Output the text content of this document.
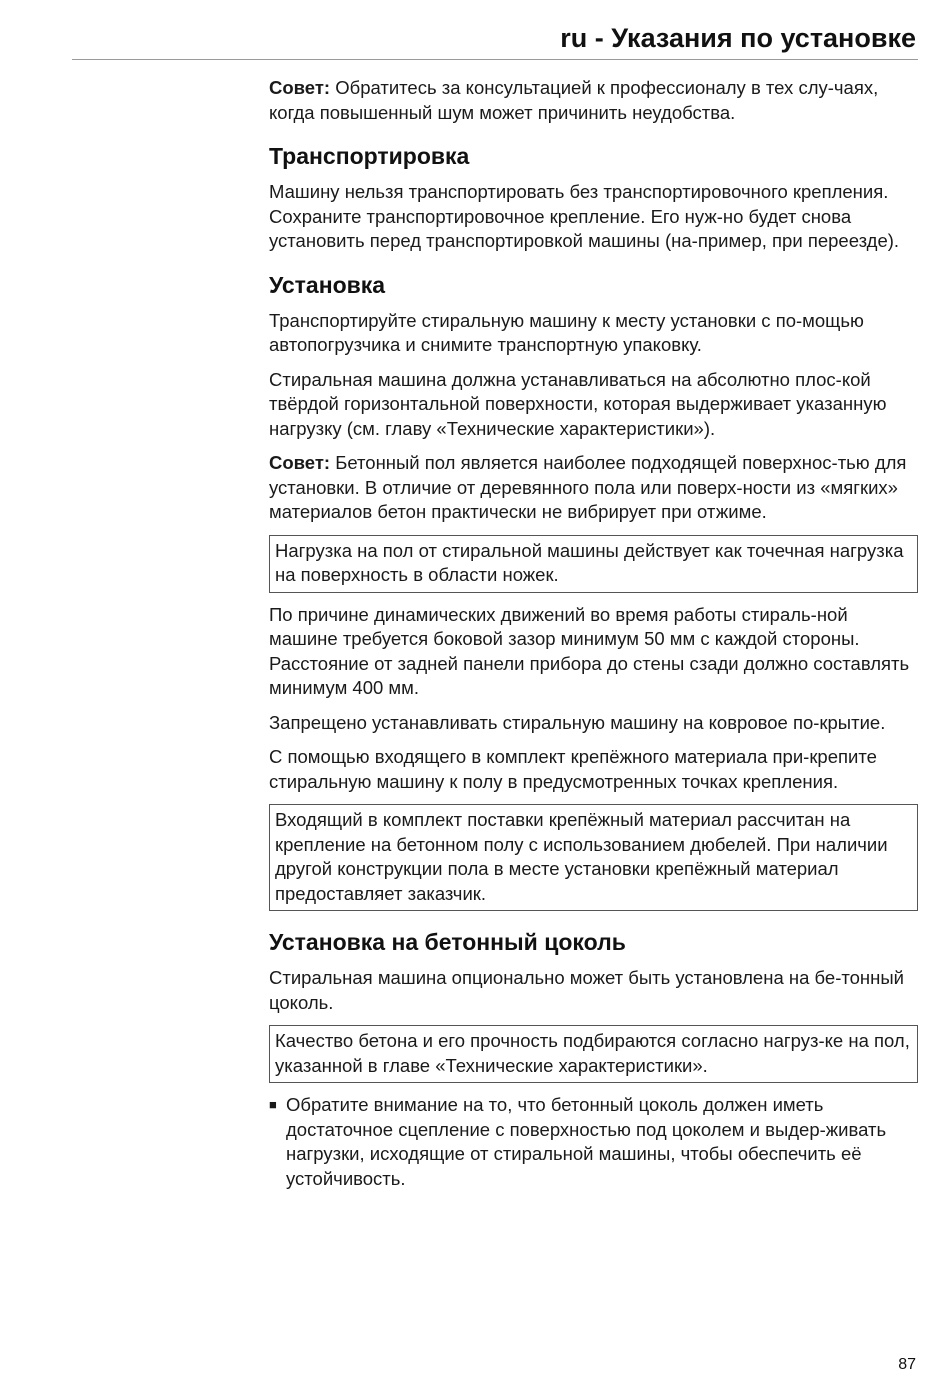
ru - Указания по установке

Совет: Обратитесь за консультацией к профессионалу в тех слу-чаях, когда повышенный шум может причинить неудобства.

Транспортировка

Машину нельзя транспортировать без транспортировочного крепления. Сохраните транспортировочное крепление. Его нуж-но будет снова установить перед транспортировкой машины (на-пример, при переезде).

Установка

Транспортируйте стиральную машину к месту установки с по-мощью автопогрузчика и снимите транспортную упаковку.

Стиральная машина должна устанавливаться на абсолютно плос-кой твёрдой горизонтальной поверхности, которая выдерживает указанную нагрузку (см. главу «Технические характеристики»).

Совет: Бетонный пол является наиболее подходящей поверхнос-тью для установки. В отличие от деревянного пола или поверх-ности из «мягких» материалов бетон практически не вибрирует при отжиме.

Нагрузка на пол от стиральной машины действует как точечная нагрузка на поверхность в области ножек.

По причине динамических движений во время работы стираль-ной машине требуется боковой зазор минимум 50 мм с каждой стороны. Расстояние от задней панели прибора до стены сзади должно составлять минимум 400 мм.

Запрещено устанавливать стиральную машину на ковровое по-крытие.

С помощью входящего в комплект крепёжного материала при-крепите стиральную машину к полу в предусмотренных точках крепления.

Входящий в комплект поставки крепёжный материал рассчитан на крепление на бетонном полу с использованием дюбелей. При наличии другой конструкции пола в месте установки крепёжный материал предоставляет заказчик.
Установка на бетонный цоколь

Стиральная машина опционально может быть установлена на бе-тонный цоколь.

Качество бетона и его прочность подбираются согласно нагруз-ке на пол, указанной в главе «Технические характеристики».
■ Обратите внимание на то, что бетонный цоколь должен иметь достаточное сцепление с поверхностью под цоколем и выдер-живать нагрузки, исходящие от стиральной машины, чтобы обеспечить её устойчивость.
87
